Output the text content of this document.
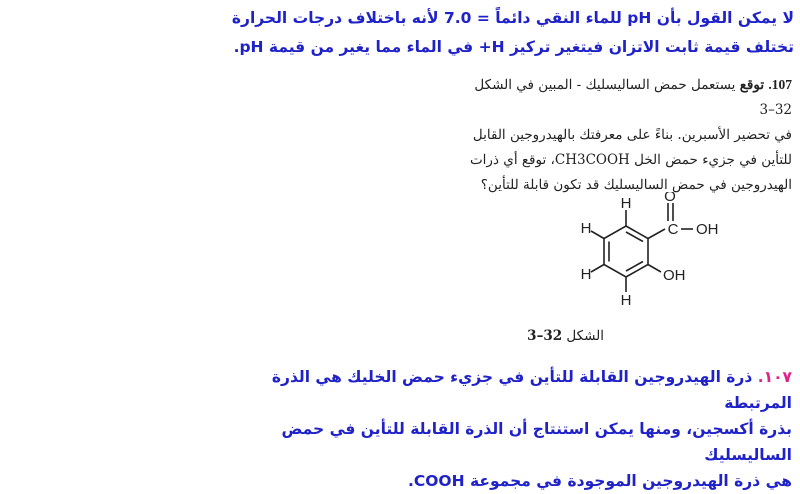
لا يمكن القول بأن pH للماء النقي دائماً = 7.0 لأنه باختلاف درجات الحرارة
تختلف قيمة ثابت الاتزان فيتغير تركيز H+ في الماء مما يغير من قيمة pH.
107. توقع يستعمل حمض الساليسليك - المبين في الشكل 32–3
في تحضير الأسبرين. بناءً على معرفتك بالهيدروجين القابل
للتأين في جزيء حمض الخل CH3COOH، توقع أي ذرات
الهيدروجين في حمض الساليسليك قد تكون قابلة للتأين؟
H
H
H
H
O
C OH
OH
الشكل 32–3
١٠٧. ذرة الهيدروجين القابلة للتأين في جزيء حمض الخليك هي الذرة المرتبطة
بذرة أكسجين، ومنها يمكن استنتاج أن الذرة القابلة للتأين في حمض الساليسليك
هي ذرة الهيدروجين الموجودة في مجموعة COOH.
